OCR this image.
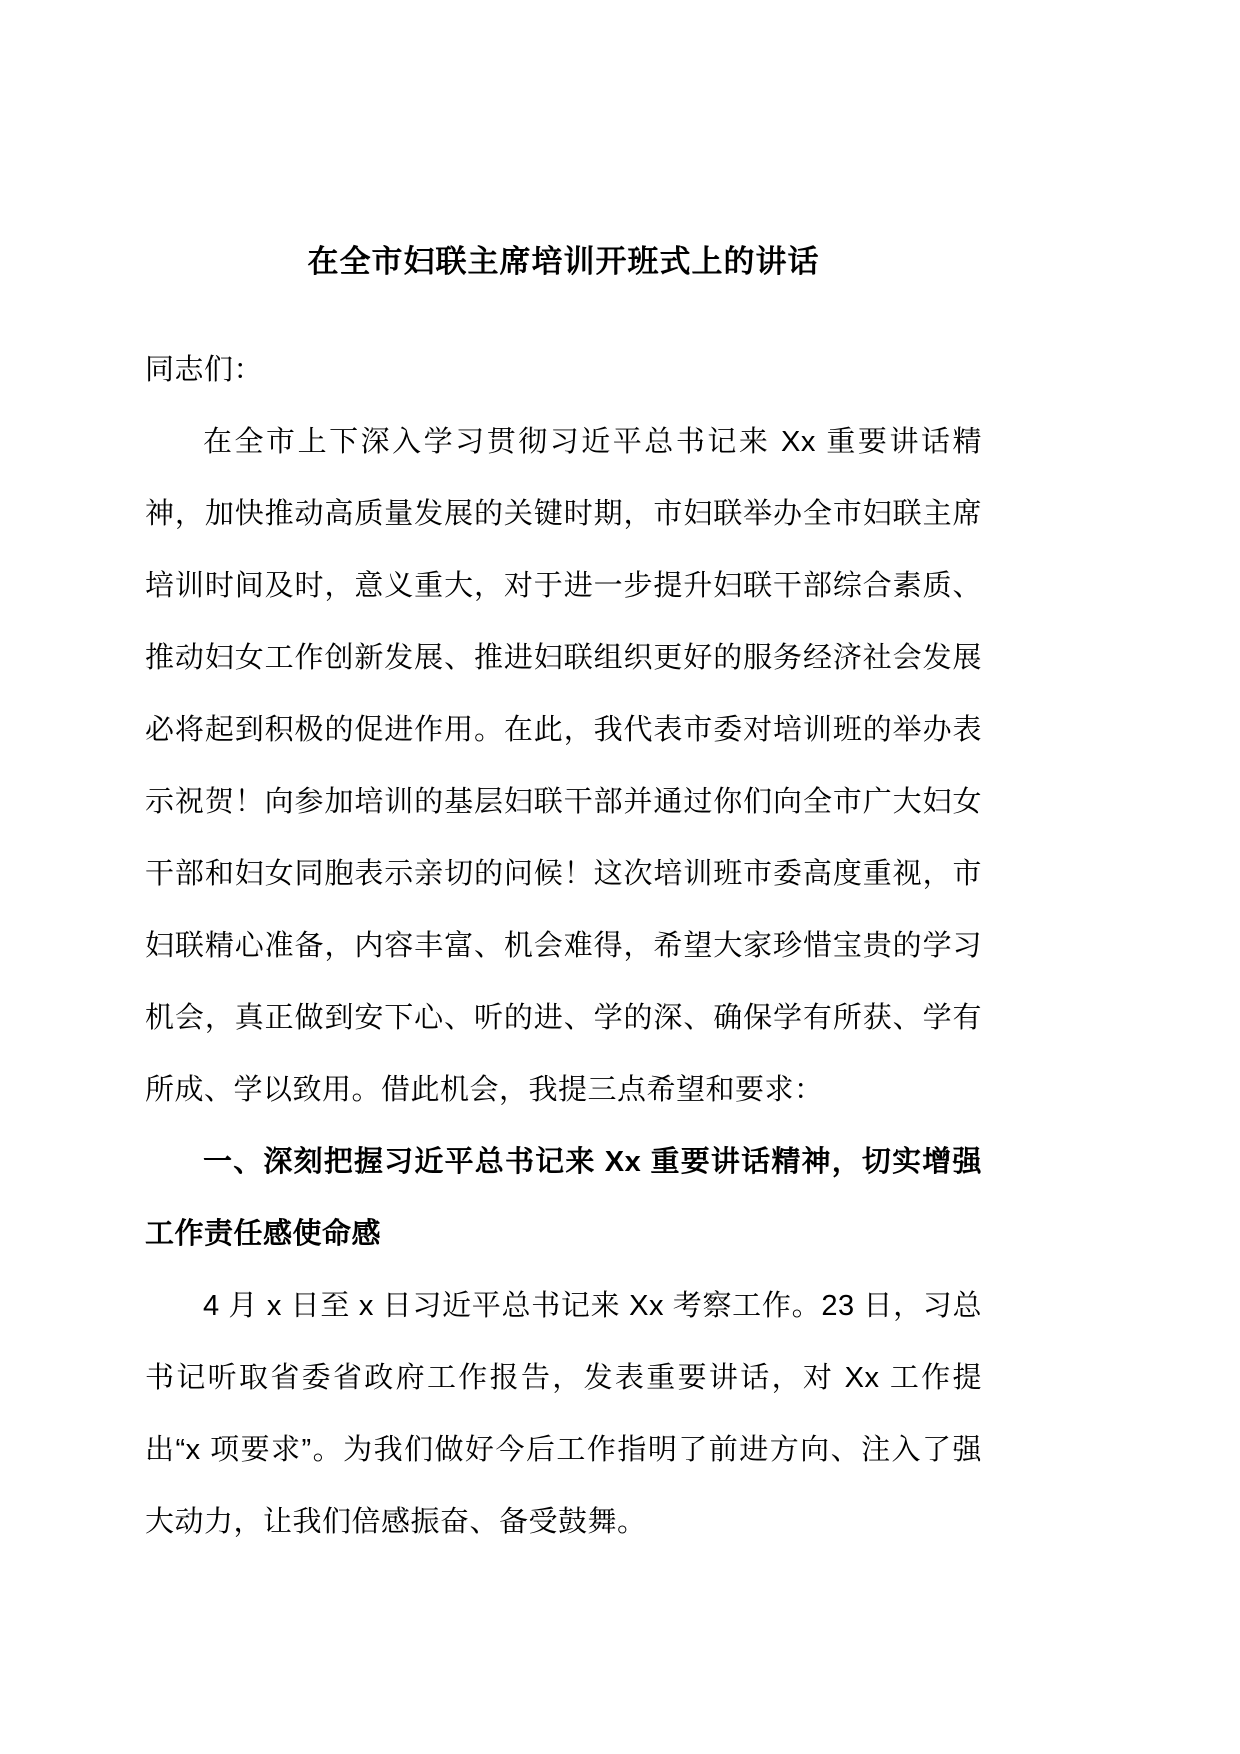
在全市妇联主席培训开班式上的讲话

同志们：

在全市上下深入学习贯彻习近平总书记来 Xx 重要讲话精神，加快推动高质量发展的关键时期，市妇联举办全市妇联主席培训时间及时，意义重大，对于进一步提升妇联干部综合素质、推动妇女工作创新发展、推进妇联组织更好的服务经济社会发展必将起到积极的促进作用。在此，我代表市委对培训班的举办表示祝贺！向参加培训的基层妇联干部并通过你们向全市广大妇女干部和妇女同胞表示亲切的问候！这次培训班市委高度重视，市妇联精心准备，内容丰富、机会难得，希望大家珍惜宝贵的学习机会，真正做到安下心、听的进、学的深、确保学有所获、学有所成、学以致用。借此机会，我提三点希望和要求：

一、深刻把握习近平总书记来 Xx 重要讲话精神，切实增强工作责任感使命感

4 月 x 日至 x 日习近平总书记来 Xx 考察工作。23 日，习总书记听取省委省政府工作报告，发表重要讲话，对 Xx 工作提出“x 项要求”。为我们做好今后工作指明了前进方向、注入了强大动力，让我们倍感振奋、备受鼓舞。
